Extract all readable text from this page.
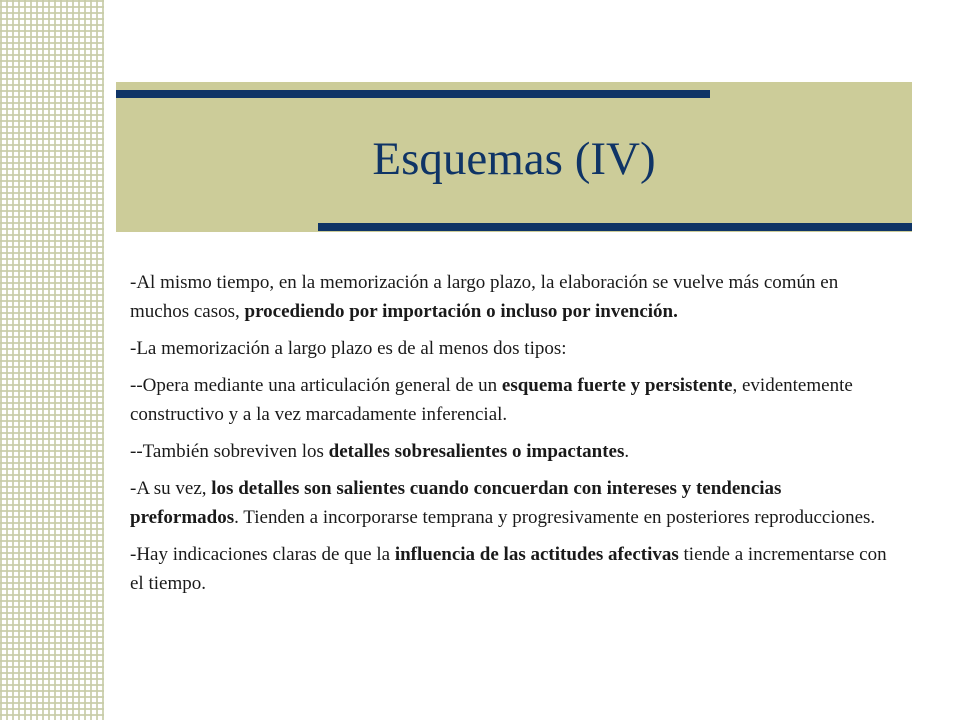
Esquemas (IV)

-Al mismo tiempo, en la memorización a largo plazo, la elaboración se vuelve más común en muchos casos, procediendo por importación o incluso por invención.

-La memorización a largo plazo es de al menos dos tipos:

--Opera mediante una articulación general de un esquema fuerte y persistente, evidentemente constructivo y a la vez marcadamente inferencial.

--También sobreviven los detalles sobresalientes o impactantes.

-A su vez, los detalles son salientes cuando concuerdan con intereses y tendencias preformados. Tienden a incorporarse temprana y progresivamente en posteriores reproducciones.

-Hay indicaciones claras de que la influencia de las actitudes afectivas tiende a incrementarse con el tiempo.
